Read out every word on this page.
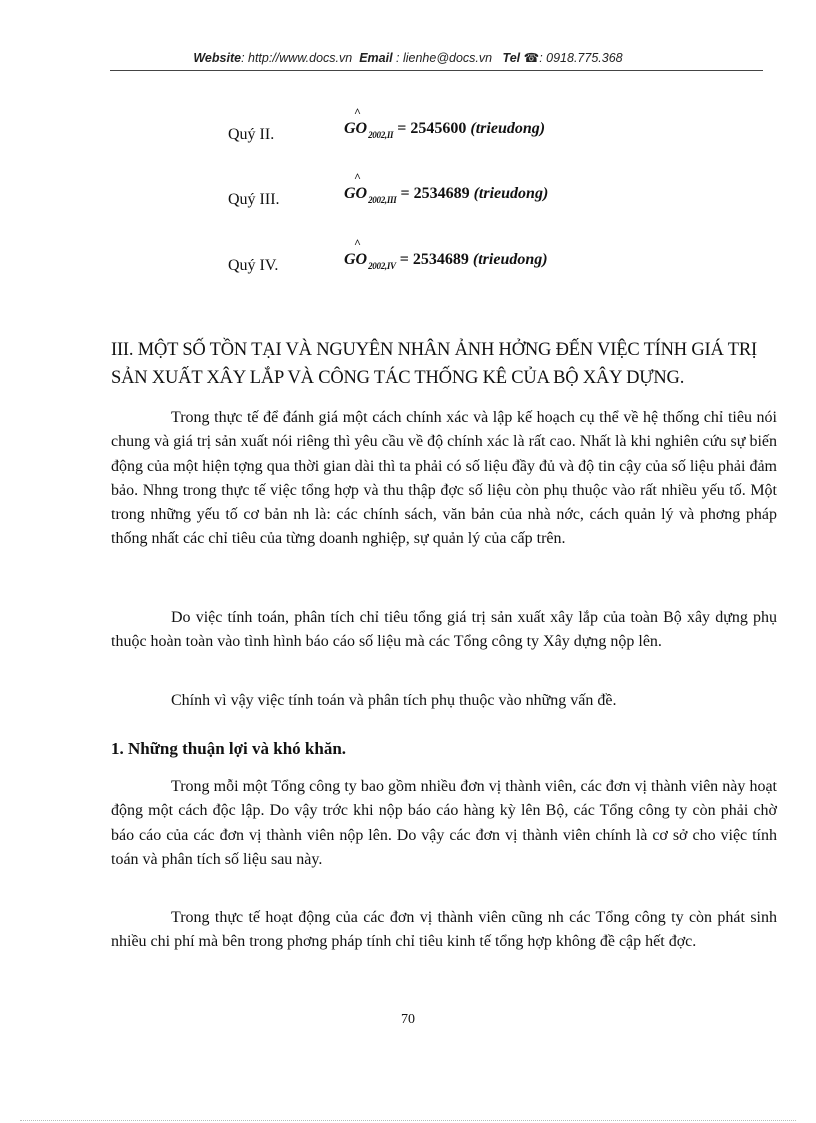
Website: http://www.docs.vn Email : lienhe@docs.vn Tel ☎: 0918.775.368
Quý II.
^
$GO_{2002,II} = 2545600$ (trieudong)
Quý III.
^
$GO_{2002,III} = 2534689$ (trieudong)
Quý IV.
^
$GO_{2002,IV} = 2534689$ (trieudong)
III. MỘT SỐ TỒN TẠI VÀ NGUYÊN NHÂN ẢNH HỞNG ĐẾN VIỆC TÍNH GIÁ TRỊ SẢN XUẤT XÂY LẮP VÀ CÔNG TÁC THỐNG KÊ CỦA BỘ XÂY DỰNG.

Trong thực tế để đánh giá một cách chính xác và lập kế hoạch cụ thể về hệ thống chỉ tiêu nói chung và giá trị sản xuất nói riêng thì yêu cầu về độ chính xác là rất cao. Nhất là khi nghiên cứu sự biến động của một hiện tợng qua thời gian dài thì ta phải có số liệu đầy đủ và độ tin cậy của số liệu phải đảm bảo. Nhng trong thực tế việc tổng hợp và thu thập đợc số liệu còn phụ thuộc vào rất nhiều yếu tố. Một trong những yếu tố cơ bản nh là: các chính sách, văn bản của nhà nớc, cách quản lý và phơng pháp thống nhất các chỉ tiêu của từng doanh nghiệp, sự quản lý của cấp trên.

Do việc tính toán, phân tích chỉ tiêu tổng giá trị sản xuất xây lắp của toàn Bộ xây dựng phụ thuộc hoàn toàn vào tình hình báo cáo số liệu mà các Tổng công ty Xây dựng nộp lên.

Chính vì vậy việc tính toán và phân tích phụ thuộc vào những vấn đề.

1. Những thuận lợi và khó khăn.

Trong mỗi một Tổng công ty bao gồm nhiều đơn vị thành viên, các đơn vị thành viên này hoạt động một cách độc lập. Do vậy trớc khi nộp báo cáo hàng kỳ lên Bộ, các Tổng công ty còn phải chờ báo cáo của các đơn vị thành viên nộp lên. Do vậy các đơn vị thành viên chính là cơ sở cho việc tính toán và phân tích số liệu sau này.

Trong thực tế hoạt động của các đơn vị thành viên cũng nh các Tổng công ty còn phát sinh nhiều chi phí mà bên trong phơng pháp tính chỉ tiêu kinh tế tổng hợp không đề cập hết đợc.

70
